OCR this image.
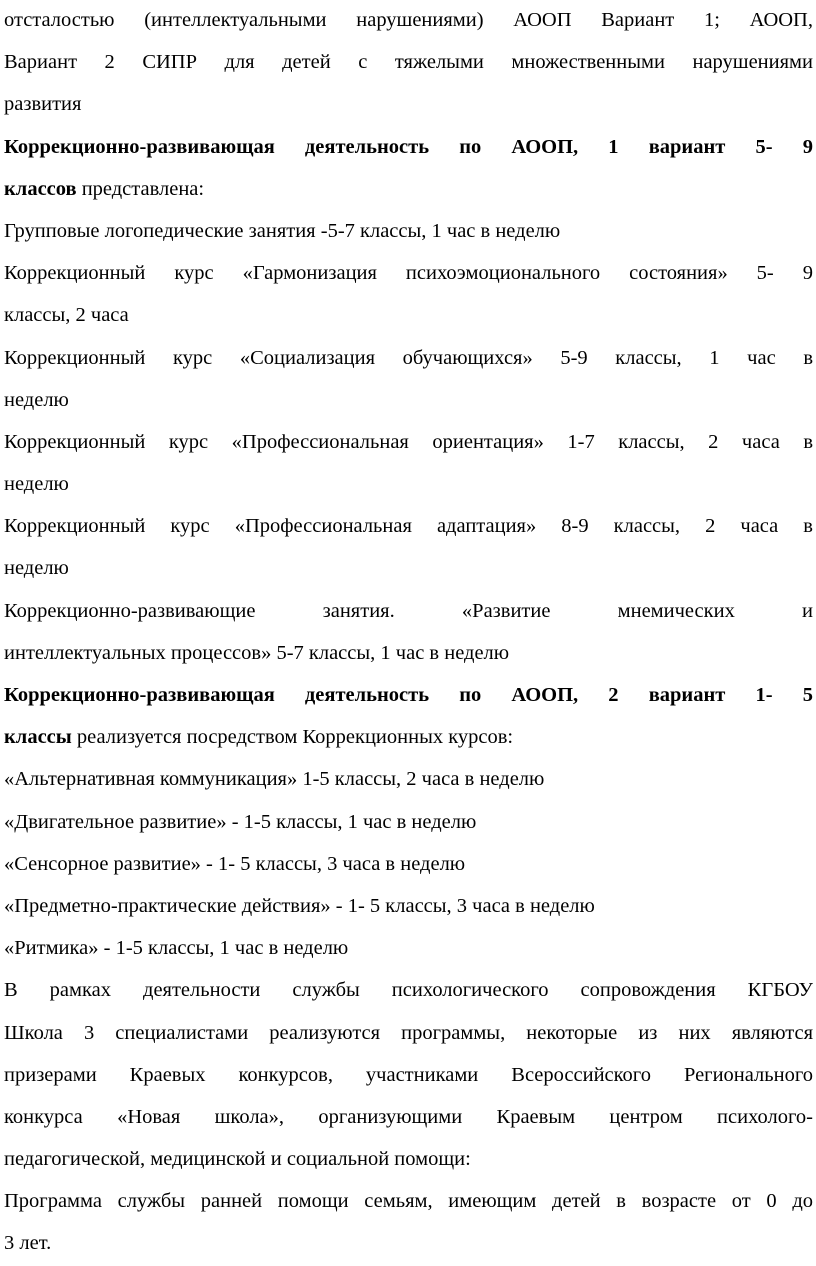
отсталостью (интеллектуальными нарушениями) АООП Вариант 1; АООП,
Вариант 2 СИПР для детей с тяжелыми множественными нарушениями
развития
Коррекционно-развивающая деятельность по АООП, 1 вариант 5- 9
классов представлена:
Групповые логопедические занятия -5-7 классы, 1 час в неделю
Коррекционный курс «Гармонизация психоэмоционального состояния» 5- 9
классы, 2 часа
Коррекционный курс «Социализация обучающихся» 5-9 классы, 1 час в
неделю
Коррекционный курс «Профессиональная ориентация» 1-7 классы, 2 часа в
неделю
Коррекционный курс «Профессиональная адаптация» 8-9 классы, 2 часа в
неделю
Коррекционно-развивающие занятия. «Развитие мнемических и
интеллектуальных процессов» 5-7 классы, 1 час в неделю
Коррекционно-развивающая деятельность по АООП, 2 вариант 1- 5
классы реализуется посредством Коррекционных курсов:
«Альтернативная коммуникация» 1-5 классы, 2 часа в неделю
«Двигательное развитие» - 1-5 классы, 1 час в неделю
«Сенсорное развитие» - 1- 5 классы, 3 часа в неделю
«Предметно-практические действия» - 1- 5 классы, 3 часа в неделю
«Ритмика» - 1-5 классы, 1 час в неделю
В рамках деятельности службы психологического сопровождения КГБОУ
Школа 3 специалистами реализуются программы, некоторые из них являются
призерами Краевых конкурсов, участниками Всероссийского Регионального
конкурса «Новая школа», организующими Краевым центром психолого-
педагогической, медицинской и социальной помощи:
Программа службы ранней помощи семьям, имеющим детей в возрасте от 0 до
3 лет.
